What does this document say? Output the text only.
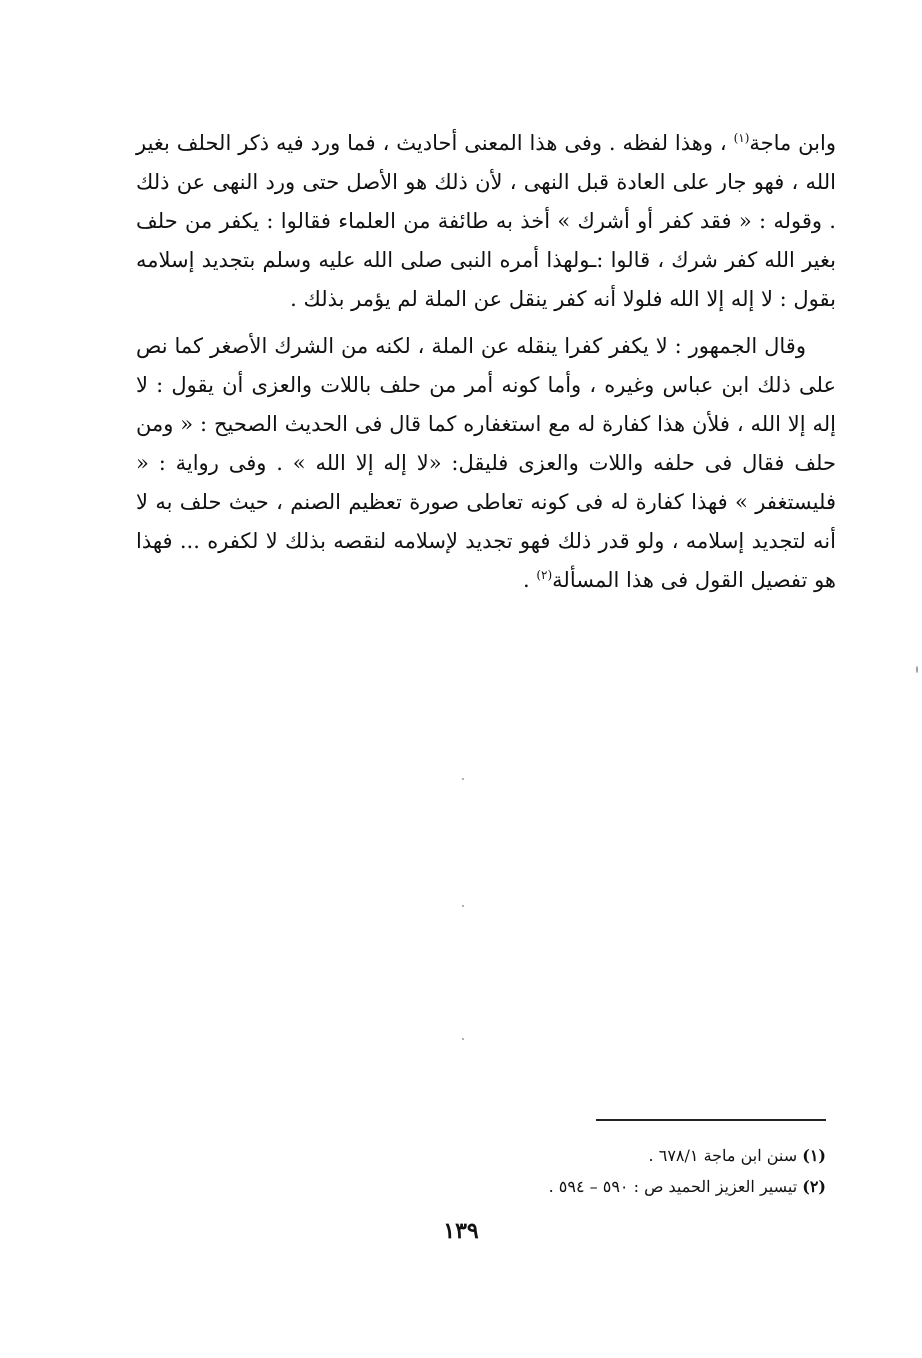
وابن ماجة$^{(١)}$ ، وهذا لفظه . وفى هذا المعنى أحاديث ، فما ورد فيه ذكر الحلف بغير الله ، فهو جار على العادة قبل النهى ، لأن ذلك هو الأصل حتى ورد النهى عن ذلك . وقوله : « فقد كفر أو أشرك » أخذ به طائفة من العلماء فقالوا : يكفر من حلف بغير الله كفر شرك ، قالوا :ـولهذا أمره النبى صلى الله عليه وسلم بتجديد إسلامه بقول : لا إله إلا الله فلولا أنه كفر ينقل عن الملة لم يؤمر بذلك .

وقال الجمهور : لا يكفر كفرا ينقله عن الملة ، لكنه من الشرك الأصغر كما نص على ذلك ابن عباس وغيره ، وأما كونه أمر من حلف باللات والعزى أن يقول : لا إله إلا الله ، فلأن هذا كفارة له مع استغفاره كما قال فى الحديث الصحيح : « ومن حلف فقال فى حلفه واللات والعزى فليقل: «لا إله إلا الله » . وفى رواية : « فليستغفر » فهذا كفارة له فى كونه تعاطى صورة تعظيم الصنم ، حيث حلف به لا أنه لتجديد إسلامه ، ولو قدر ذلك فهو تجديد لإسلامه لنقصه بذلك لا لكفره ... فهذا هو تفصيل القول فى هذا المسألة$^{(٢)}$ .

(١) سنن ابن ماجة ٦٧٨/١ .

(٢) تيسير العزيز الحميد ص : ٥٩٠ – ٥٩٤ .

١٣٩
